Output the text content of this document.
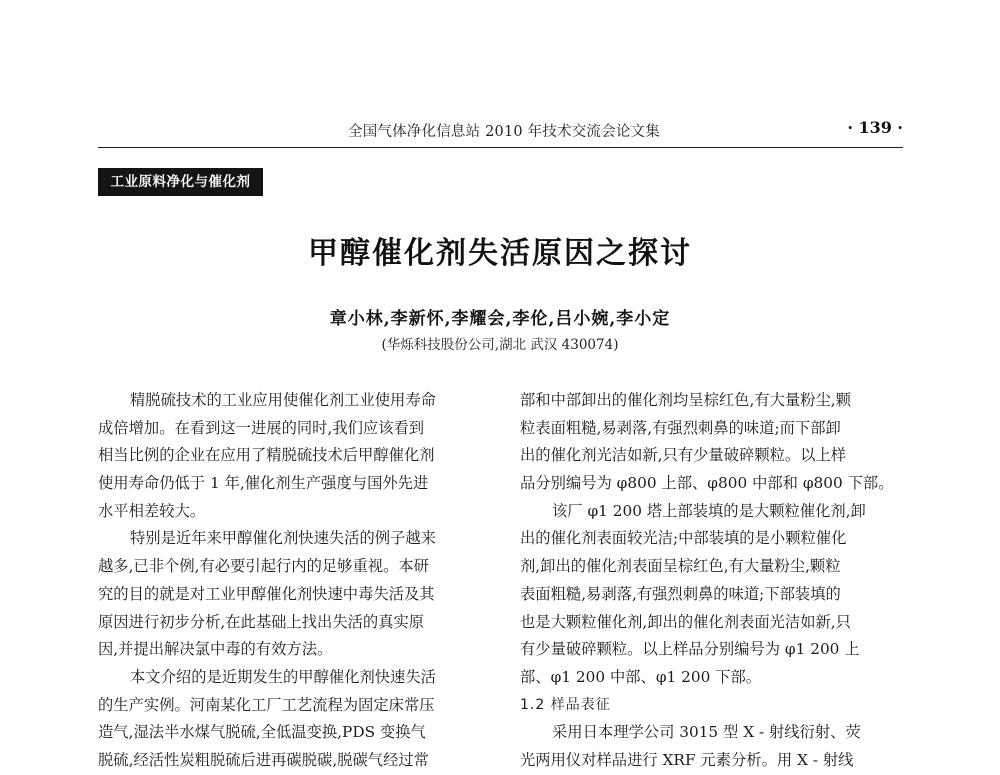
全国气体净化信息站 2010 年技术交流会论文集	· 139 ·
工业原料净化与催化剂
甲醇催化剂失活原因之探讨
章小林,李新怀,李耀会,李伦,吕小婉,李小定
(华烁科技股份公司,湖北 武汉 430074)
精脱硫技术的工业应用使催化剂工业使用寿命
成倍增加。在看到这一进展的同时,我们应该看到
相当比例的企业在应用了精脱硫技术后甲醇催化剂
使用寿命仍低于 1 年,催化剂生产强度与国外先进
水平相差较大。
特别是近年来甲醇催化剂快速失活的例子越来
越多,已非个例,有必要引起行内的足够重视。本研
究的目的就是对工业甲醇催化剂快速中毒失活及其
原因进行初步分析,在此基础上找出失活的真实原
因,并提出解决氯中毒的有效方法。
本文介绍的是近期发生的甲醇催化剂快速失活
的生产实例。河南某化工厂工艺流程为固定床常压
造气,湿法半水煤气脱硫,全低温变换,PDS 变换气
脱硫,经活性炭粗脱硫后进再碳脱碳,脱碳气经过常
部和中部卸出的催化剂均呈棕红色,有大量粉尘,颗
粒表面粗糙,易剥落,有强烈刺鼻的味道;而下部卸
出的催化剂光洁如新,只有少量破碎颗粒。以上样
品分别编号为 φ800 上部、φ800 中部和 φ800 下部。
该厂 φ1 200 塔上部装填的是大颗粒催化剂,卸
出的催化剂表面较光洁;中部装填的是小颗粒催化
剂,卸出的催化剂表面呈棕红色,有大量粉尘,颗粒
表面粗糙,易剥落,有强烈刺鼻的味道;下部装填的
也是大颗粒催化剂,卸出的催化剂表面光洁如新,只
有少量破碎颗粒。以上样品分别编号为 φ1 200 上
部、φ1 200 中部、φ1 200 下部。
1.2 样品表征
采用日本理学公司 3015 型 X - 射线衍射、荧
光两用仪对样品进行 XRF 元素分析。用 X - 射线
